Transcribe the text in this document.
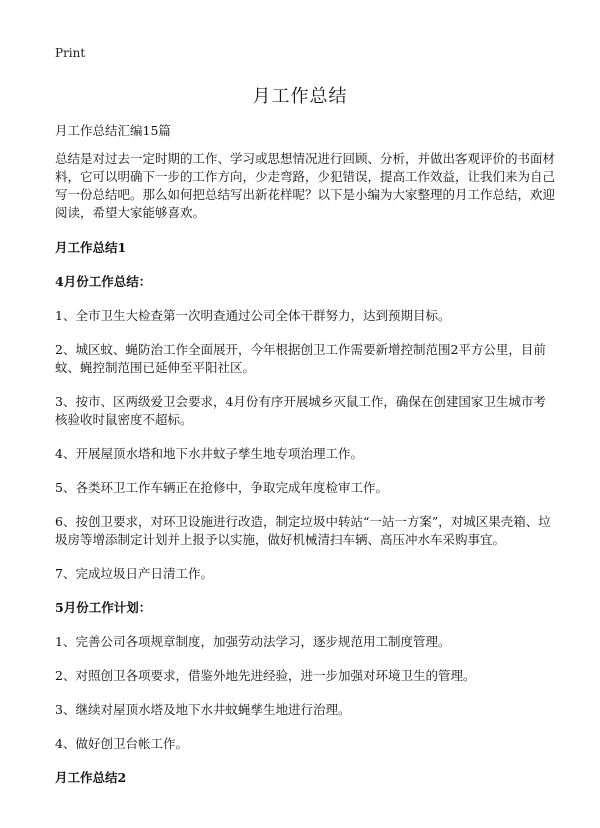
Print
月工作总结

月工作总结汇编15篇

总结是对过去一定时期的工作、学习或思想情况进行回顾、分析，并做出客观评价的书面材料，它可以明确下一步的工作方向，少走弯路，少犯错误，提高工作效益，让我们来为自己写一份总结吧。那么如何把总结写出新花样呢？以下是小编为大家整理的月工作总结，欢迎阅读，希望大家能够喜欢。

月工作总结1

4月份工作总结：

1、全市卫生大检查第一次明查通过公司全体干群努力，达到预期目标。

2、城区蚊、蝇防治工作全面展开，今年根据创卫工作需要新增控制范围2平方公里，目前蚊、蝇控制范围已延伸至平阳社区。

3、按市、区两级爱卫会要求，4月份有序开展城乡灭鼠工作，确保在创建国家卫生城市考核验收时鼠密度不超标。

4、开展屋顶水塔和地下水井蚊子孳生地专项治理工作。

5、各类环卫工作车辆正在抢修中，争取完成年度检审工作。

6、按创卫要求，对环卫设施进行改造，制定垃圾中转站“一站一方案”，对城区果壳箱、垃圾房等增添制定计划并上报予以实施，做好机械清扫车辆、高压冲水车采购事宜。

7、完成垃圾日产日清工作。

5月份工作计划：

1、完善公司各项规章制度，加强劳动法学习，逐步规范用工制度管理。

2、对照创卫各项要求，借鉴外地先进经验，进一步加强对环境卫生的管理。

3、继续对屋顶水塔及地下水井蚊蝇孳生地进行治理。

4、做好创卫台帐工作。

月工作总结2
